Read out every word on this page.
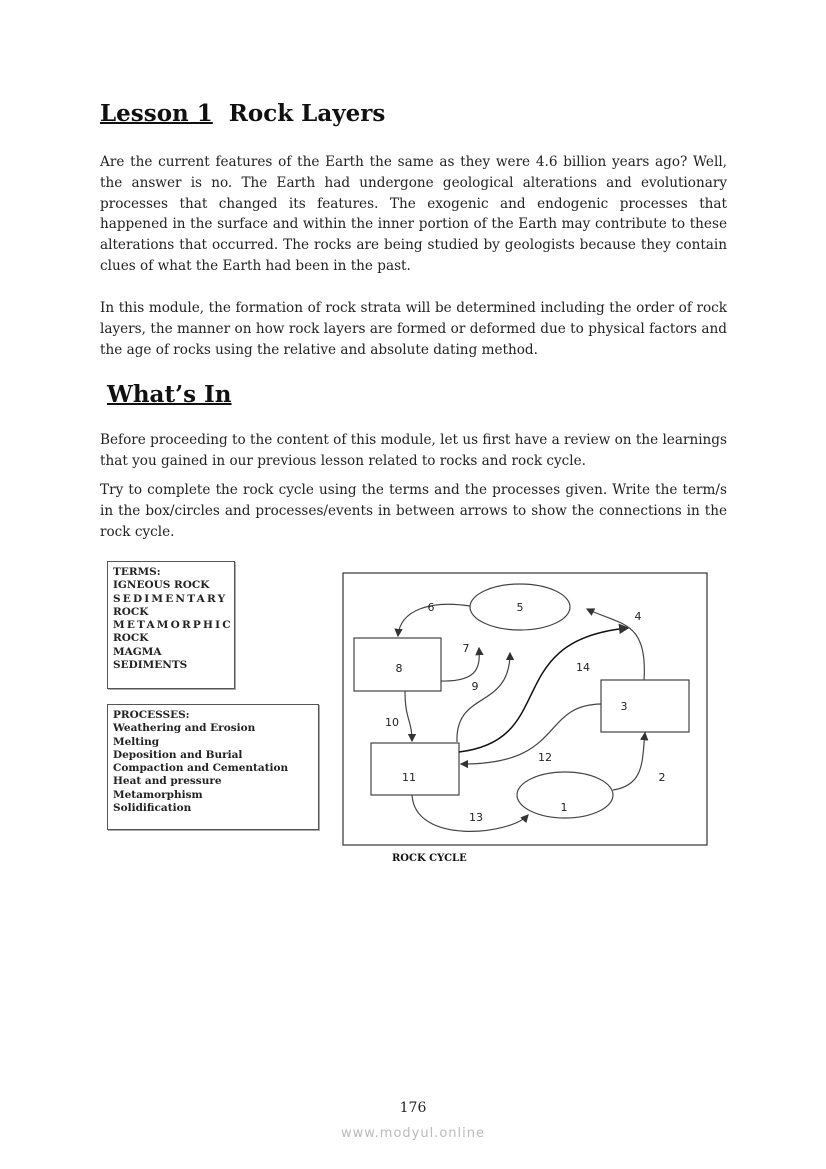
Lesson 1 Rock Layers
Are the current features of the Earth the same as they were 4.6 billion years ago? Well, the answer is no. The Earth had undergone geological alterations and evolutionary processes that changed its features. The exogenic and endogenic processes that happened in the surface and within the inner portion of the Earth may contribute to these alterations that occurred. The rocks are being studied by geologists because they contain clues of what the Earth had been in the past.
In this module, the formation of rock strata will be determined including the order of rock layers, the manner on how rock layers are formed or deformed due to physical factors and the age of rocks using the relative and absolute dating method.
What’s In
Before proceeding to the content of this module, let us first have a review on the learnings that you gained in our previous lesson related to rocks and rock cycle.
Try to complete the rock cycle using the terms and the processes given. Write the term/s in the box/circles and processes/events in between arrows to show the connections in the rock cycle.
TERMS:
IGNEOUS ROCK
SEDIMENTARY
ROCK
METAMORPHIC
ROCK
MAGMA
SEDIMENTS
PROCESSES:
Weathering and Erosion
Melting
Deposition and Burial
Compaction and Cementation
Heat and pressure
Metamorphism
Solidification	1
2
3
4
5
6
7
8
9
10
11
12
13
14
ROCK CYCLE
176
www.modyul.online
